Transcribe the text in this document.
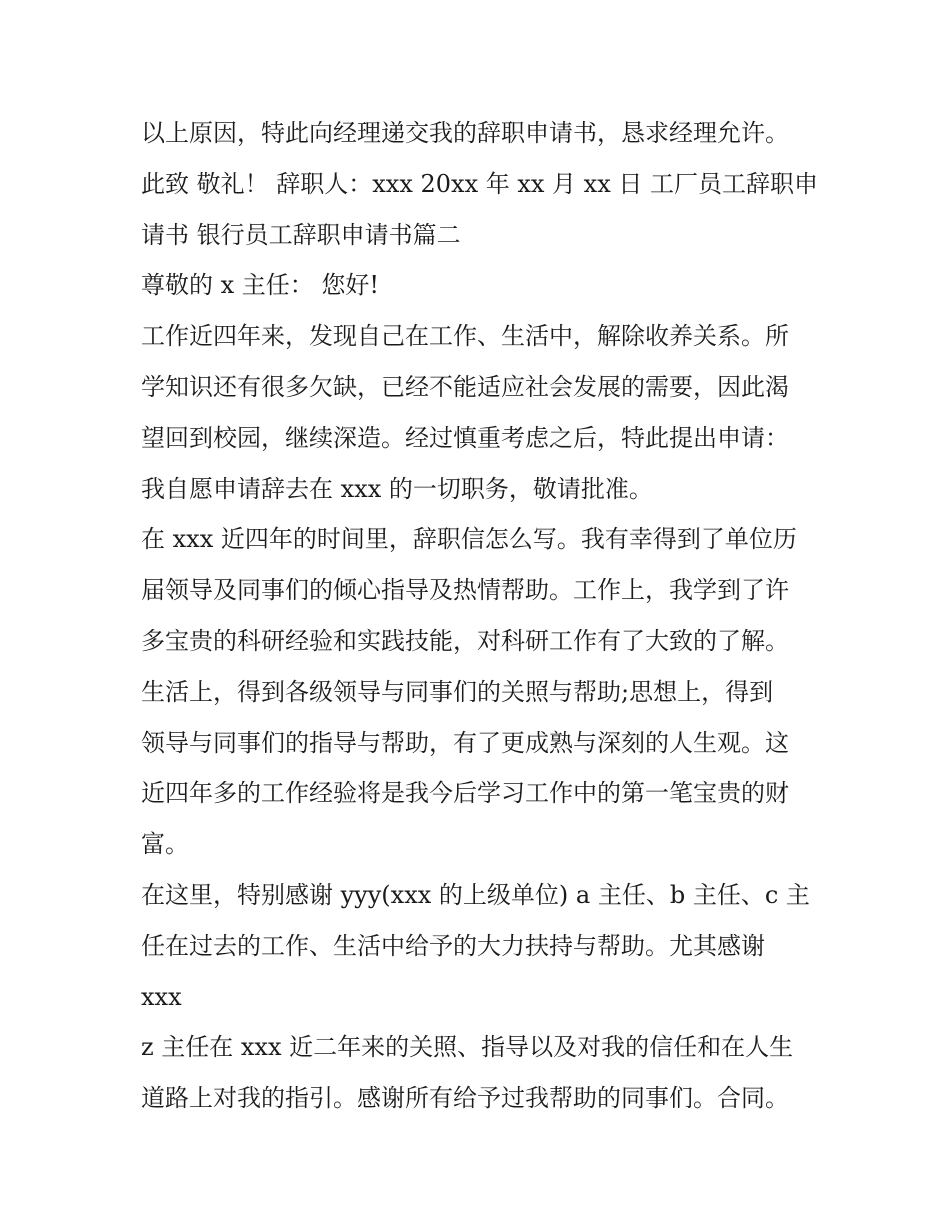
以上原因，特此向经理递交我的辞职申请书，恳求经理允许。
此致 敬礼！ 辞职人：xxx 20xx 年 xx 月 xx 日 工厂员工辞职申
请书 银行员工辞职申请书篇二
尊敬的 x 主任： 您好!
工作近四年来，发现自己在工作、生活中，解除收养关系。所
学知识还有很多欠缺，已经不能适应社会发展的需要，因此渴
望回到校园，继续深造。经过慎重考虑之后，特此提出申请：
我自愿申请辞去在 xxx 的一切职务，敬请批准。
在 xxx 近四年的时间里，辞职信怎么写。我有幸得到了单位历
届领导及同事们的倾心指导及热情帮助。工作上，我学到了许
多宝贵的科研经验和实践技能，对科研工作有了大致的了解。
生活上，得到各级领导与同事们的关照与帮助;思想上，得到
领导与同事们的指导与帮助，有了更成熟与深刻的人生观。这
近四年多的工作经验将是我今后学习工作中的第一笔宝贵的财
富。
在这里，特别感谢 yyy(xxx 的上级单位) a 主任、b 主任、c 主
任在过去的工作、生活中给予的大力扶持与帮助。尤其感谢
xxx
z 主任在 xxx 近二年来的关照、指导以及对我的信任和在人生
道路上对我的指引。感谢所有给予过我帮助的同事们。合同。
